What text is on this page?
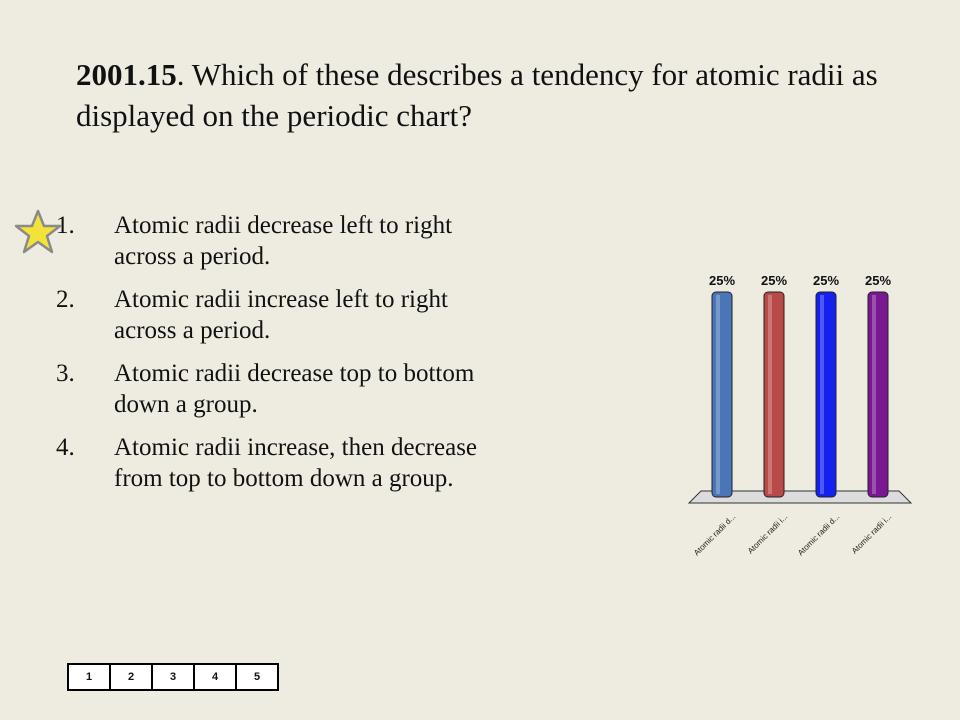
2001.15. Which of these describes a tendency for atomic radii as displayed on the periodic chart?
1.	Atomic radii decrease left to right across a period.
2.	Atomic radii increase left to right across a period.
3.	Atomic radii decrease top to bottom down a group.
4.	Atomic radii increase, then decrease from top to bottom down a group.
25%
Atomic radii d...
25%
Atomic radii i...
25%
Atomic radii d...
25%
Atomic radii i...
1	2	3	4	5
